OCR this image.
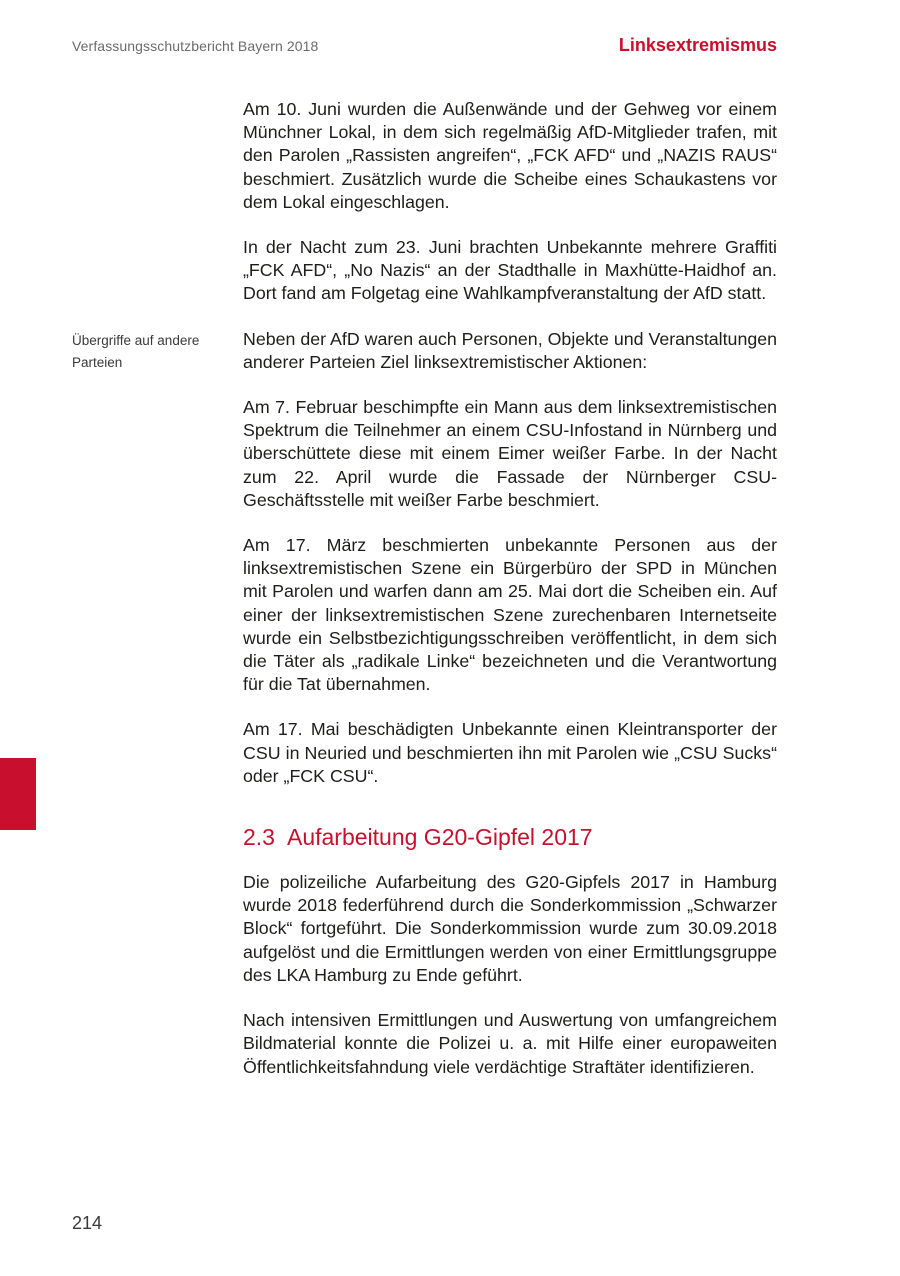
Verfassungsschutzbericht Bayern 2018	Linksextremismus

Am 10. Juni wurden die Außenwände und der Gehweg vor einem Münchner Lokal, in dem sich regelmäßig AfD-Mitglieder trafen, mit den Parolen „Rassisten angreifen“, „FCK AFD“ und „NAZIS RAUS“ beschmiert. Zusätzlich wurde die Scheibe eines Schaukastens vor dem Lokal eingeschlagen.

In der Nacht zum 23. Juni brachten Unbekannte mehrere Graffiti „FCK AFD“, „No Nazis“ an der Stadthalle in Maxhütte-Haidhof an. Dort fand am Folgetag eine Wahlkampfveranstaltung der AfD statt.

Übergriffe auf andere Parteien

Neben der AfD waren auch Personen, Objekte und Veranstaltungen anderer Parteien Ziel linksextremistischer Aktionen:

Am 7. Februar beschimpfte ein Mann aus dem linksextremistischen Spektrum die Teilnehmer an einem CSU-Infostand in Nürnberg und überschüttete diese mit einem Eimer weißer Farbe. In der Nacht zum 22. April wurde die Fassade der Nürnberger CSU-Geschäftsstelle mit weißer Farbe beschmiert.

Am 17. März beschmierten unbekannte Personen aus der linksextremistischen Szene ein Bürgerbüro der SPD in München mit Parolen und warfen dann am 25. Mai dort die Scheiben ein. Auf einer der linksextremistischen Szene zurechenbaren Internetseite wurde ein Selbstbezichtigungsschreiben veröffentlicht, in dem sich die Täter als „radikale Linke“ bezeichneten und die Verantwortung für die Tat übernahmen.

Am 17. Mai beschädigten Unbekannte einen Kleintransporter der CSU in Neuried und beschmierten ihn mit Parolen wie „CSU Sucks“ oder „FCK CSU“.

2.3 Aufarbeitung G20-Gipfel 2017

Die polizeiliche Aufarbeitung des G20-Gipfels 2017 in Hamburg wurde 2018 federführend durch die Sonderkommission „Schwarzer Block“ fortgeführt. Die Sonderkommission wurde zum 30.09.2018 aufgelöst und die Ermittlungen werden von einer Ermittlungsgruppe des LKA Hamburg zu Ende geführt.

Nach intensiven Ermittlungen und Auswertung von umfangreichem Bildmaterial konnte die Polizei u. a. mit Hilfe einer europaweiten Öffentlichkeitsfahndung viele verdächtige Straftäter identifizieren.

214
